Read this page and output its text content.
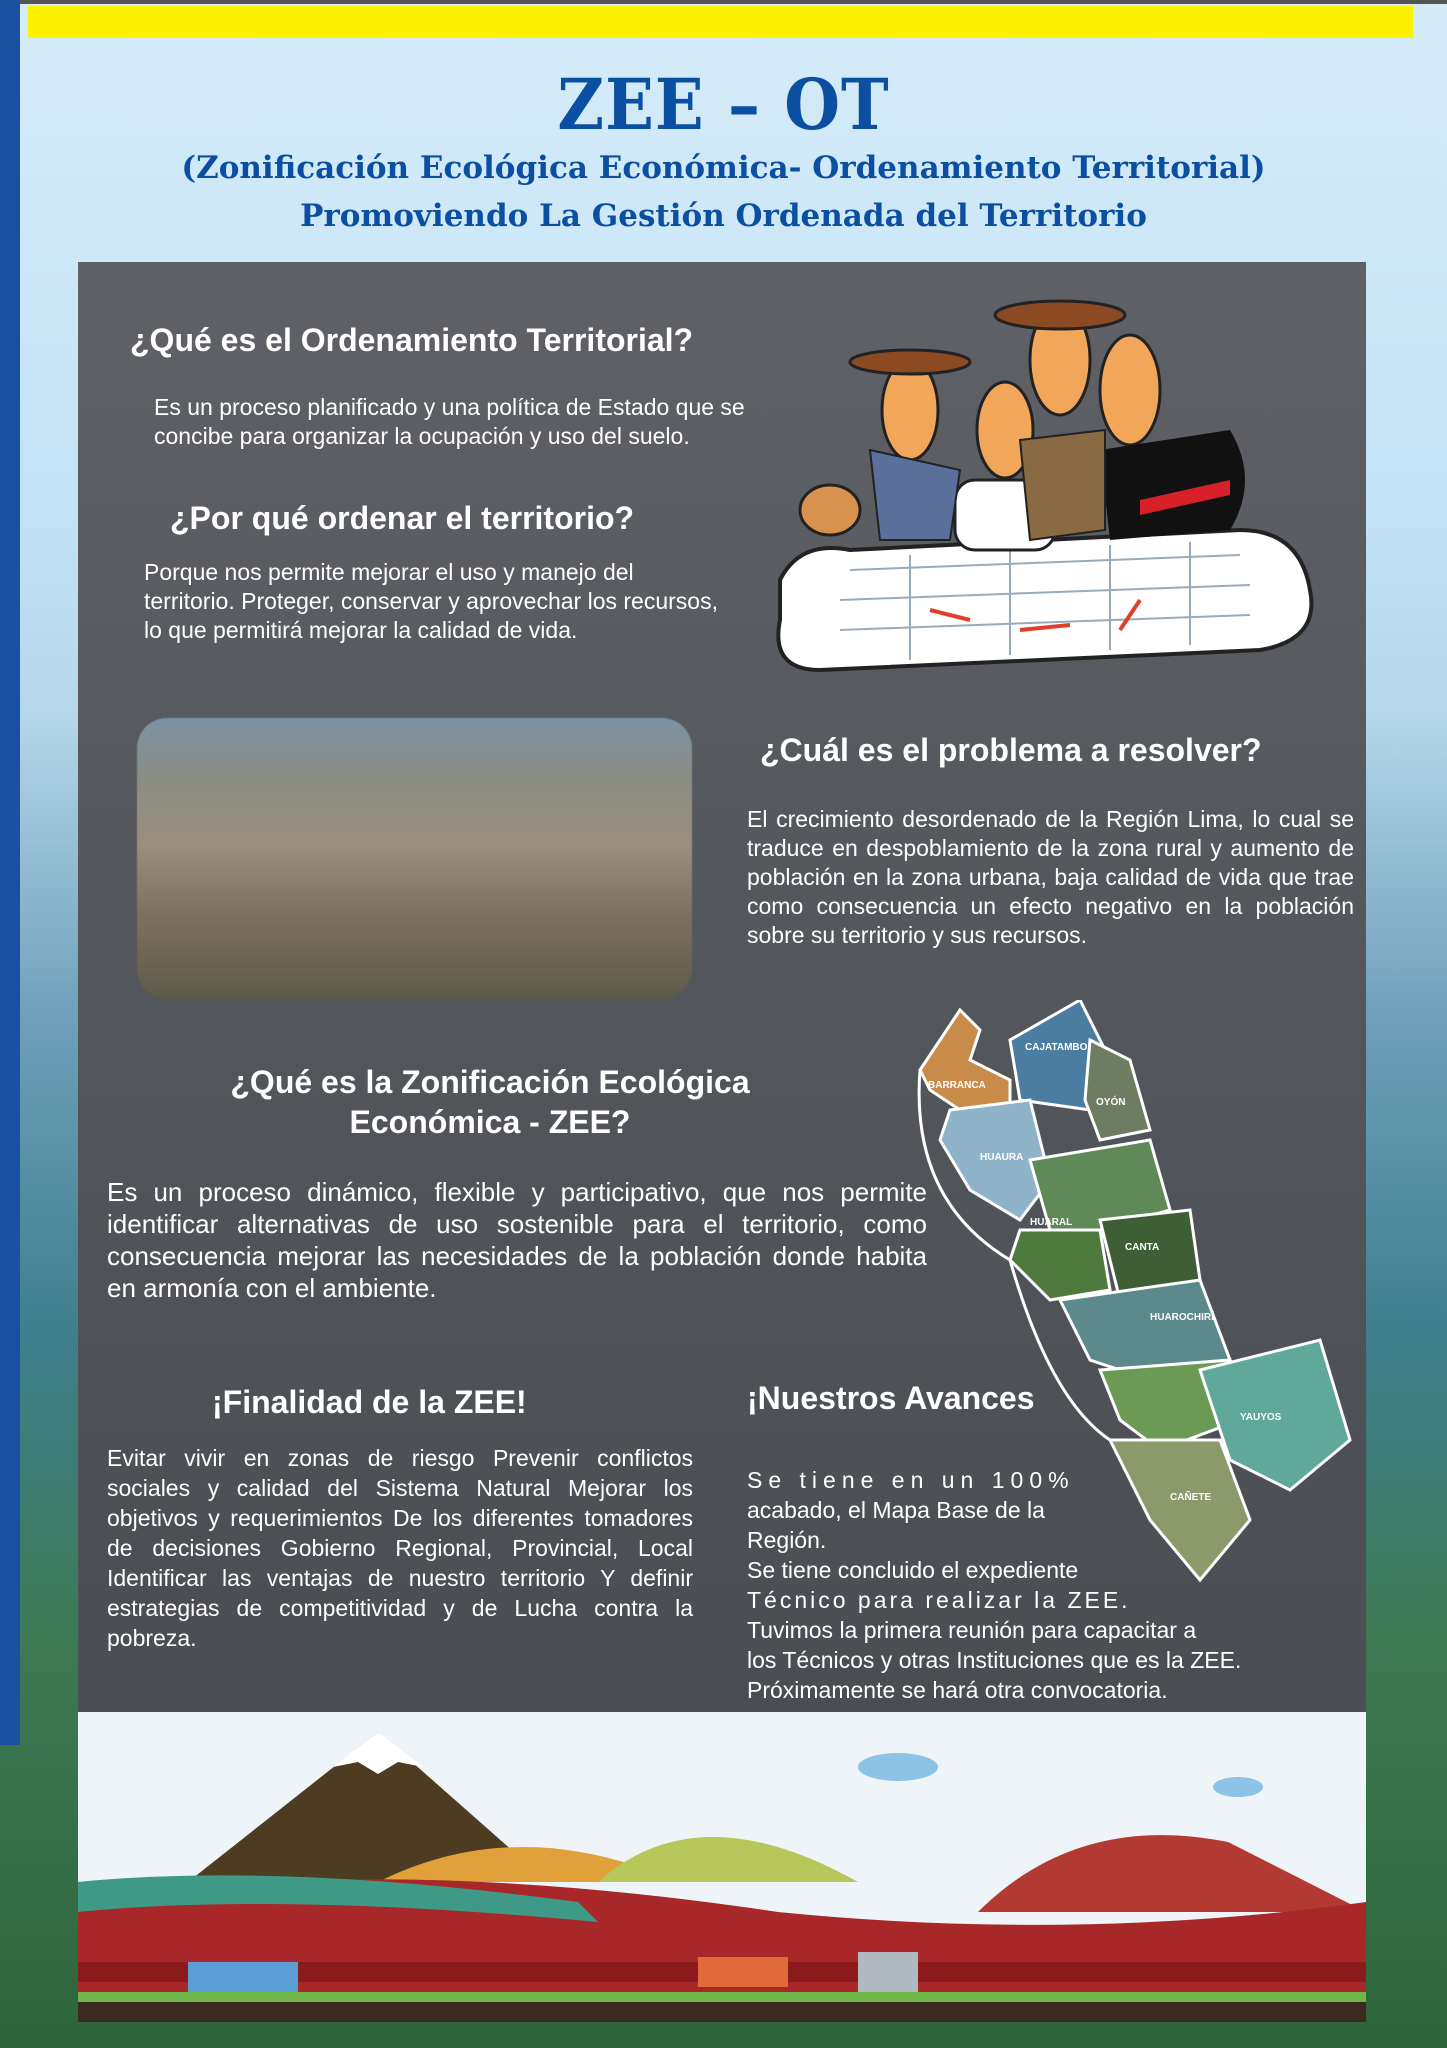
ZEE – OT
(Zonificación Ecológica Económica- Ordenamiento Territorial)
Promoviendo La Gestión Ordenada del Territorio
¿Qué es el Ordenamiento Territorial?
Es un proceso planificado y una política de Estado que se concibe para organizar la ocupación y uso del suelo.
¿Por qué ordenar el territorio?
Porque nos permite mejorar el uso y manejo del territorio. Proteger, conservar y aprovechar los recursos, lo que permitirá mejorar la calidad de vida.
¿Cuál es el problema a resolver?
El crecimiento desordenado de la Región Lima, lo cual se traduce en despoblamiento de la zona rural y aumento de población en la zona urbana, baja calidad de vida que trae como consecuencia un efecto negativo en la población sobre su territorio y sus recursos.
BARRANCA
CAJATAMBO
OYÓN
HUAURA
HUARAL
CANTA
HUAROCHIRÍ
YAUYOS
CAÑETE
¿Qué es la Zonificación Ecológica
Económica - ZEE?
Es un proceso dinámico, flexible y participativo, que nos permite identificar alternativas de uso sostenible para el territorio, como consecuencia mejorar las necesidades de la población donde habita en armonía con el ambiente.
¡Finalidad de la ZEE!
Evitar vivir en zonas de riesgo Prevenir conflictos sociales y calidad del Sistema Natural Mejorar los objetivos y requerimientos De los diferentes tomadores de decisiones Gobierno Regional, Provincial, Local Identificar las ventajas de nuestro territorio Y definir estrategias de competitividad y de Lucha contra la pobreza.
¡Nuestros Avances
Se tiene en un 100%
acabado, el Mapa Base de la Región.
Se tiene concluido el expediente
Técnico para realizar la ZEE.
Tuvimos la primera reunión para capacitar a
los Técnicos y otras Instituciones que es la ZEE.
Próximamente se hará otra convocatoria.
